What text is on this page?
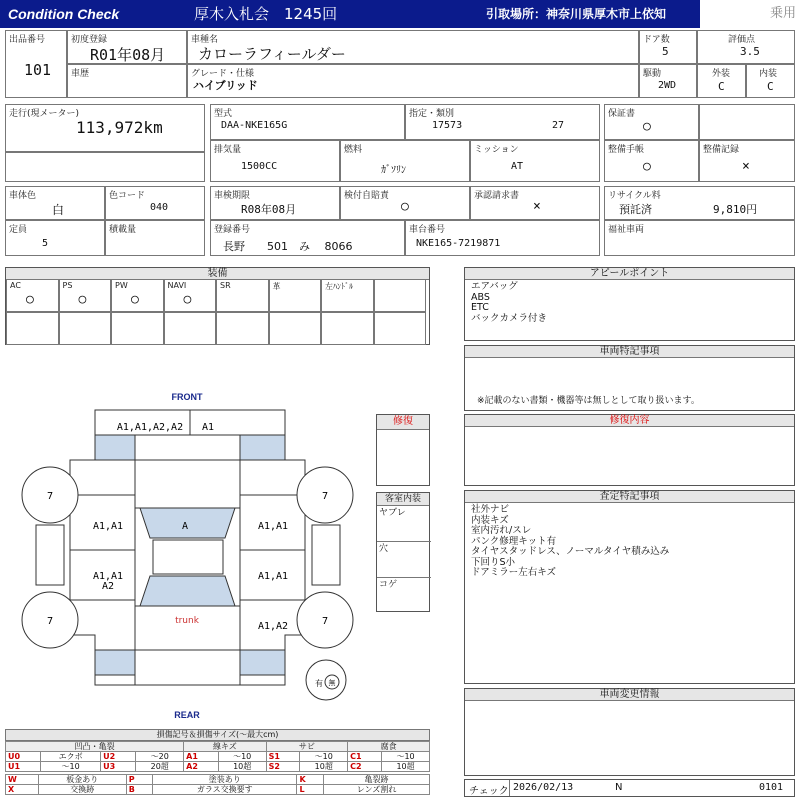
Condition Check	厚木入札会　1245回	引取場所：神奈川県厚木市上依知	乗用
出品番号
101
初度登録
R01年08月
車歴
車種名
カローラフィールダー
グレード・仕様
ハイブリッド
ドア数
5
駆動
2WD
評価点
3.5
外装
C
内装
C
走行(現メーター)
113,972km
型式
DAA-NKE165G
指定・類別
17573	27
排気量
1500CC
燃料
ｶﾞｿﾘﾝ
ミッション
AT
保証書
○
整備手帳
○
整備記録
×
車体色
白
色コード
040
定員
5
積載量
車検期限
R08年08月
検付自賠責
○
承認請求書
×
登録番号
長野　　501　み　 8066
車台番号
NKE165-7219871
リサイクル料
預託済	9,810円
福祉車両
装備
AC
○
PS
○
PW
○
NAVI
○
SR	革	左ﾊﾝﾄﾞﾙ
アピールポイント
エアバッグ
ABS
ETC
バックカメラ付き
車両特記事項
※記載のない書類・機器等は無しとして取り扱います。
修復内容
査定特記事項
社外ナビ
内装キズ
室内汚れ/スレ
パンク修理キット有
タイヤスタッドレス、ノーマルタイヤ積み込み
下回りS小
ドアミラー左右キズ
車両変更情報
チェック 2026/02/13	N	0101
FRONT
REAR
A1,A1,A2,A2 A1
A
A1,A1
A1,A1 A2
A1,A1
A1,A1
A1,A2
trunk
7	7
7	7
有 無
修復
客室内装
ヤブレ
穴
コゲ
損傷記号＆損傷サイズ(〜最大cm)
凹凸・亀裂				線キズ		サビ		腐食	
U0	エクボ	U2	〜20	A1	〜10	S1	〜10	C1	〜10
U1	〜10	U3	20超	A2	10超	S2	10超	C2	10超
W	板金あり	P	塗装あり	K	亀裂跡
X	交換跡	B	ガラス交換要す	L	レンズ割れ
